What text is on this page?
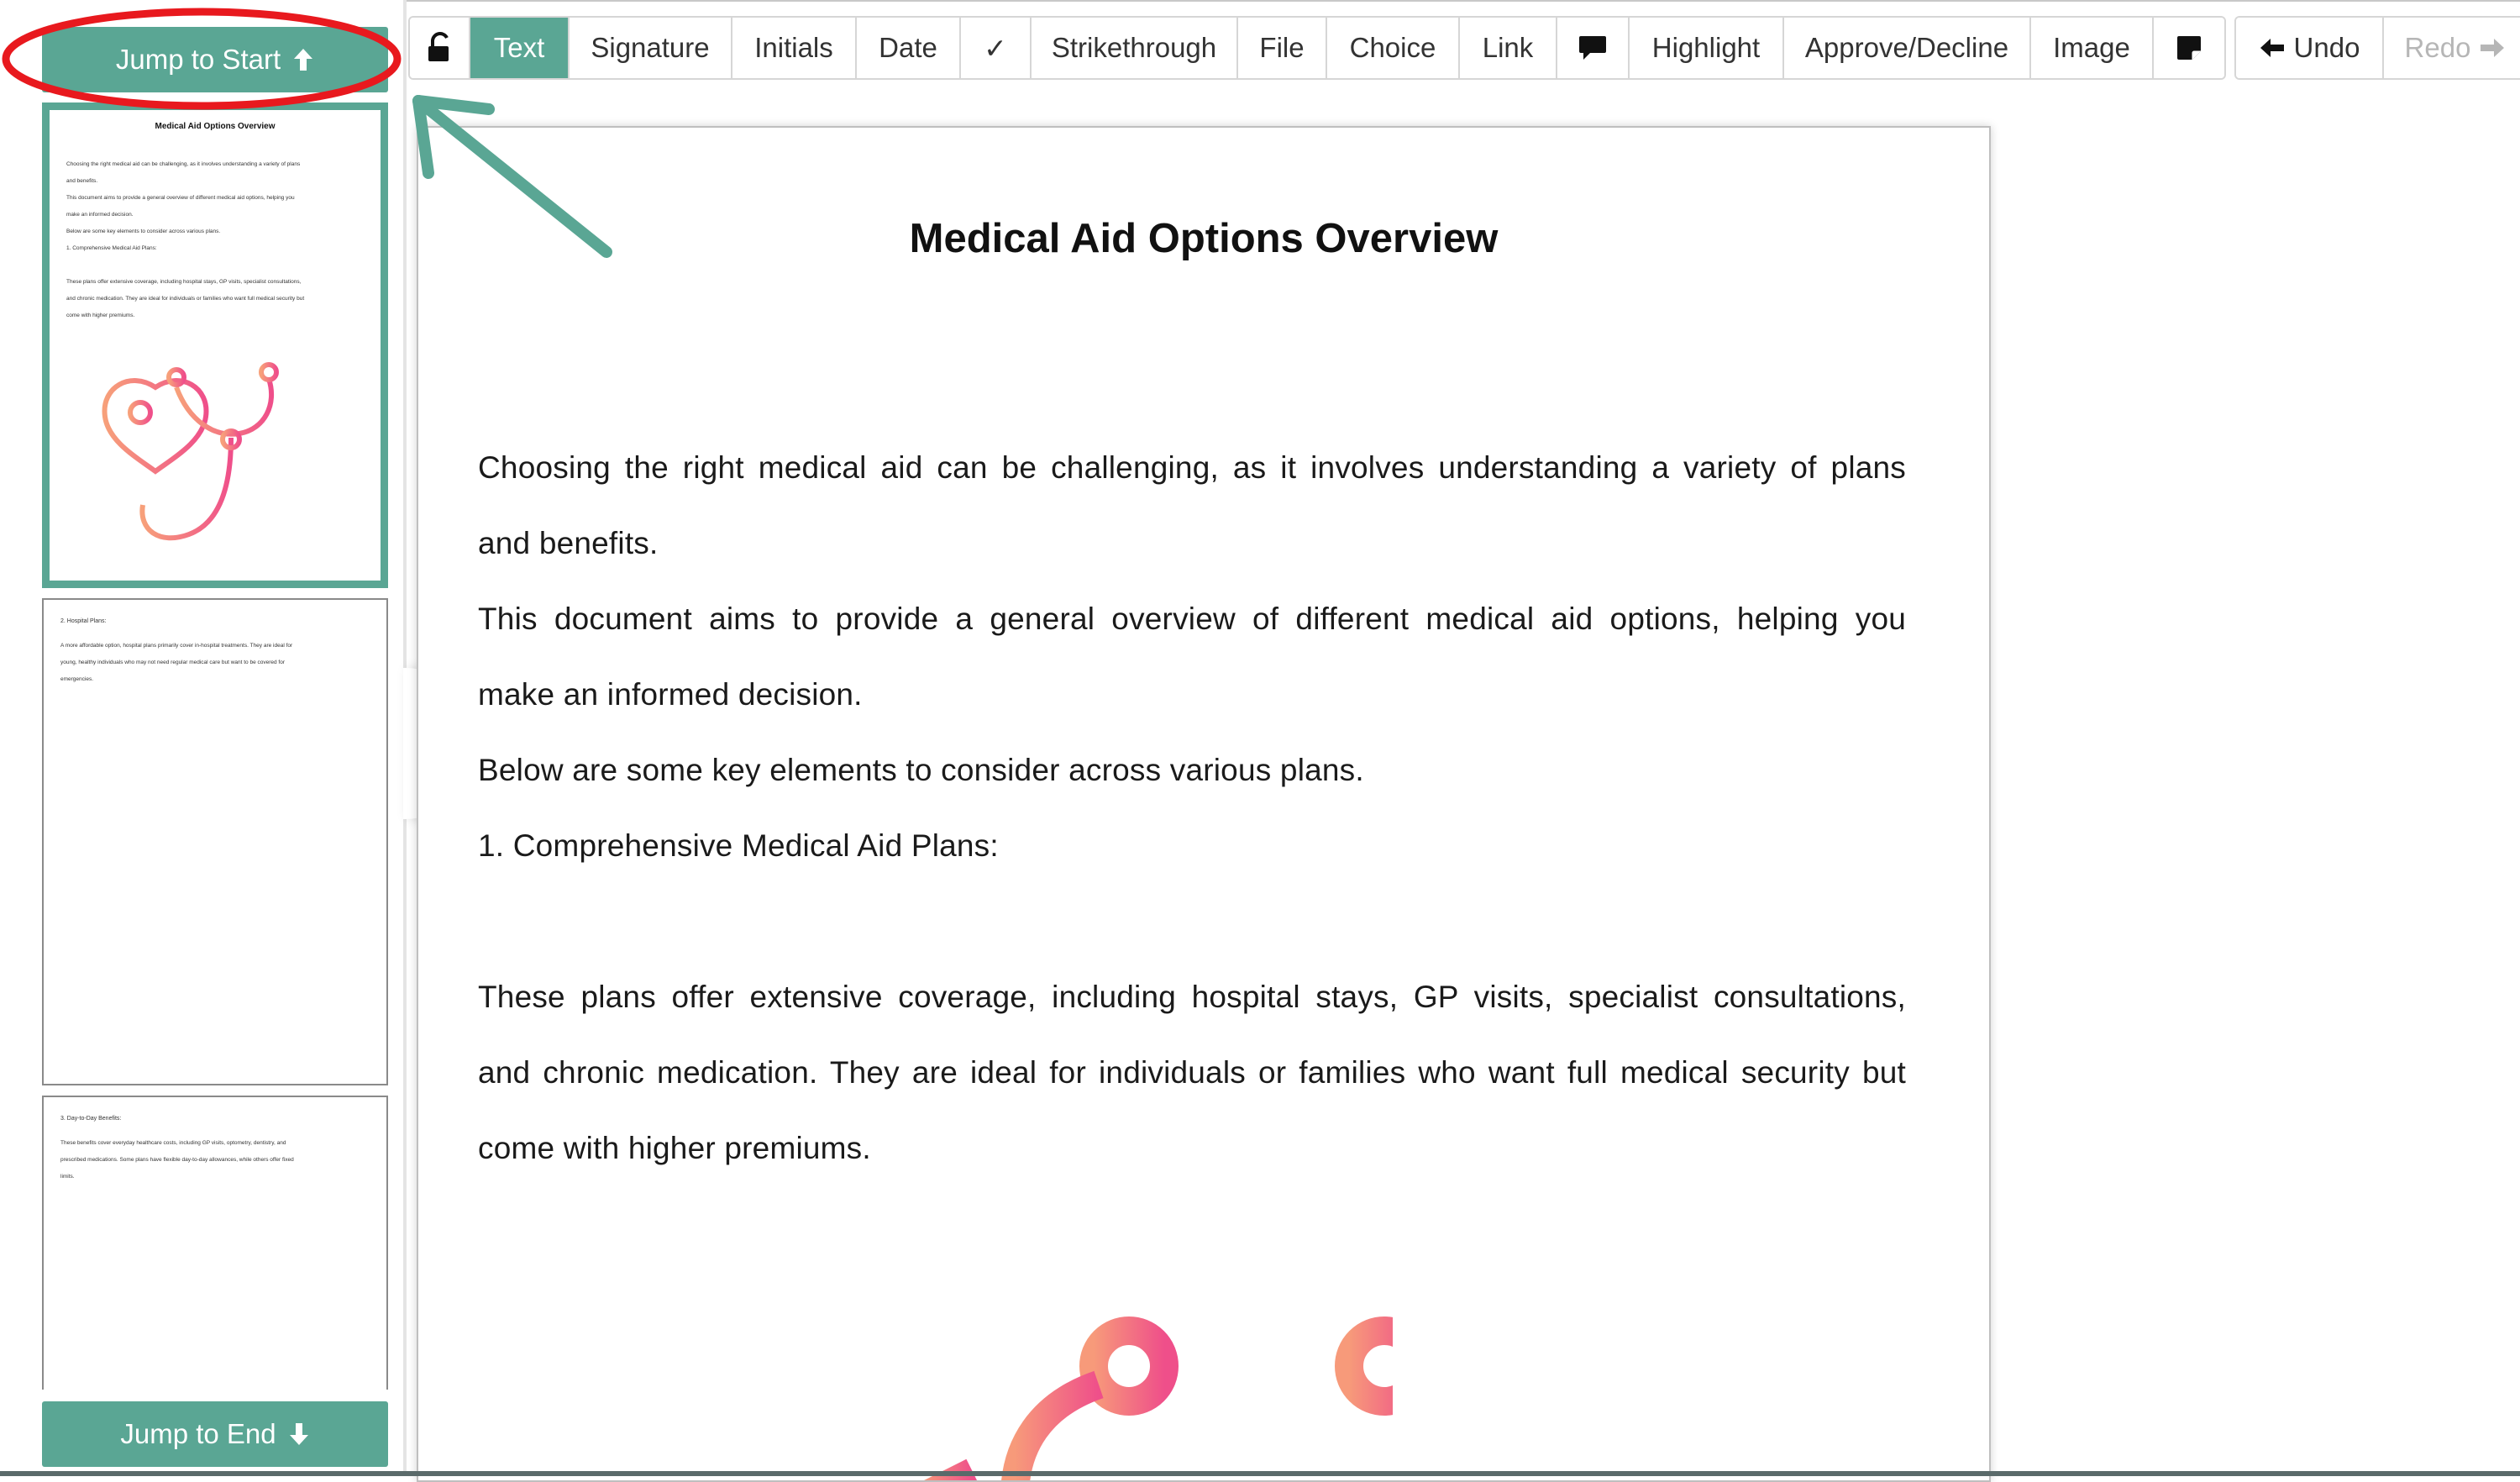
Jump to Start
Medical Aid Options Overview
Choosing the right medical aid can be challenging, as it involves understanding a variety of plans
and benefits.
This document aims to provide a general overview of different medical aid options, helping you
make an informed decision.
Below are some key elements to consider across various plans.
1. Comprehensive Medical Aid Plans:
These plans offer extensive coverage, including hospital stays, GP visits, specialist consultations,
and chronic medication. They are ideal for individuals or families who want full medical security but
come with higher premiums.
2. Hospital Plans:
A more affordable option, hospital plans primarily cover in-hospital treatments. They are ideal for
young, healthy individuals who may not need regular medical care but want to be covered for
emergencies.
3. Day-to-Day Benefits:
These benefits cover everyday healthcare costs, including GP visits, optometry, dentistry, and
prescribed medications. Some plans have flexible day-to-day allowances, while others offer fixed
limits.
Jump to End
Text	Signature	Initials	Date	✓	Strikethrough	File	Choice	Link	Highlight	Approve/Decline	Image	Undo Redo
Medical Aid Options Overview
Choosing the right medical aid can be challenging, as it involves understanding a variety of plans
and benefits.
This document aims to provide a general overview of different medical aid options, helping you
make an informed decision.
Below are some key elements to consider across various plans.
1. Comprehensive Medical Aid Plans:
These plans offer extensive coverage, including hospital stays, GP visits, specialist consultations,
and chronic medication. They are ideal for individuals or families who want full medical security but
come with higher premiums.
